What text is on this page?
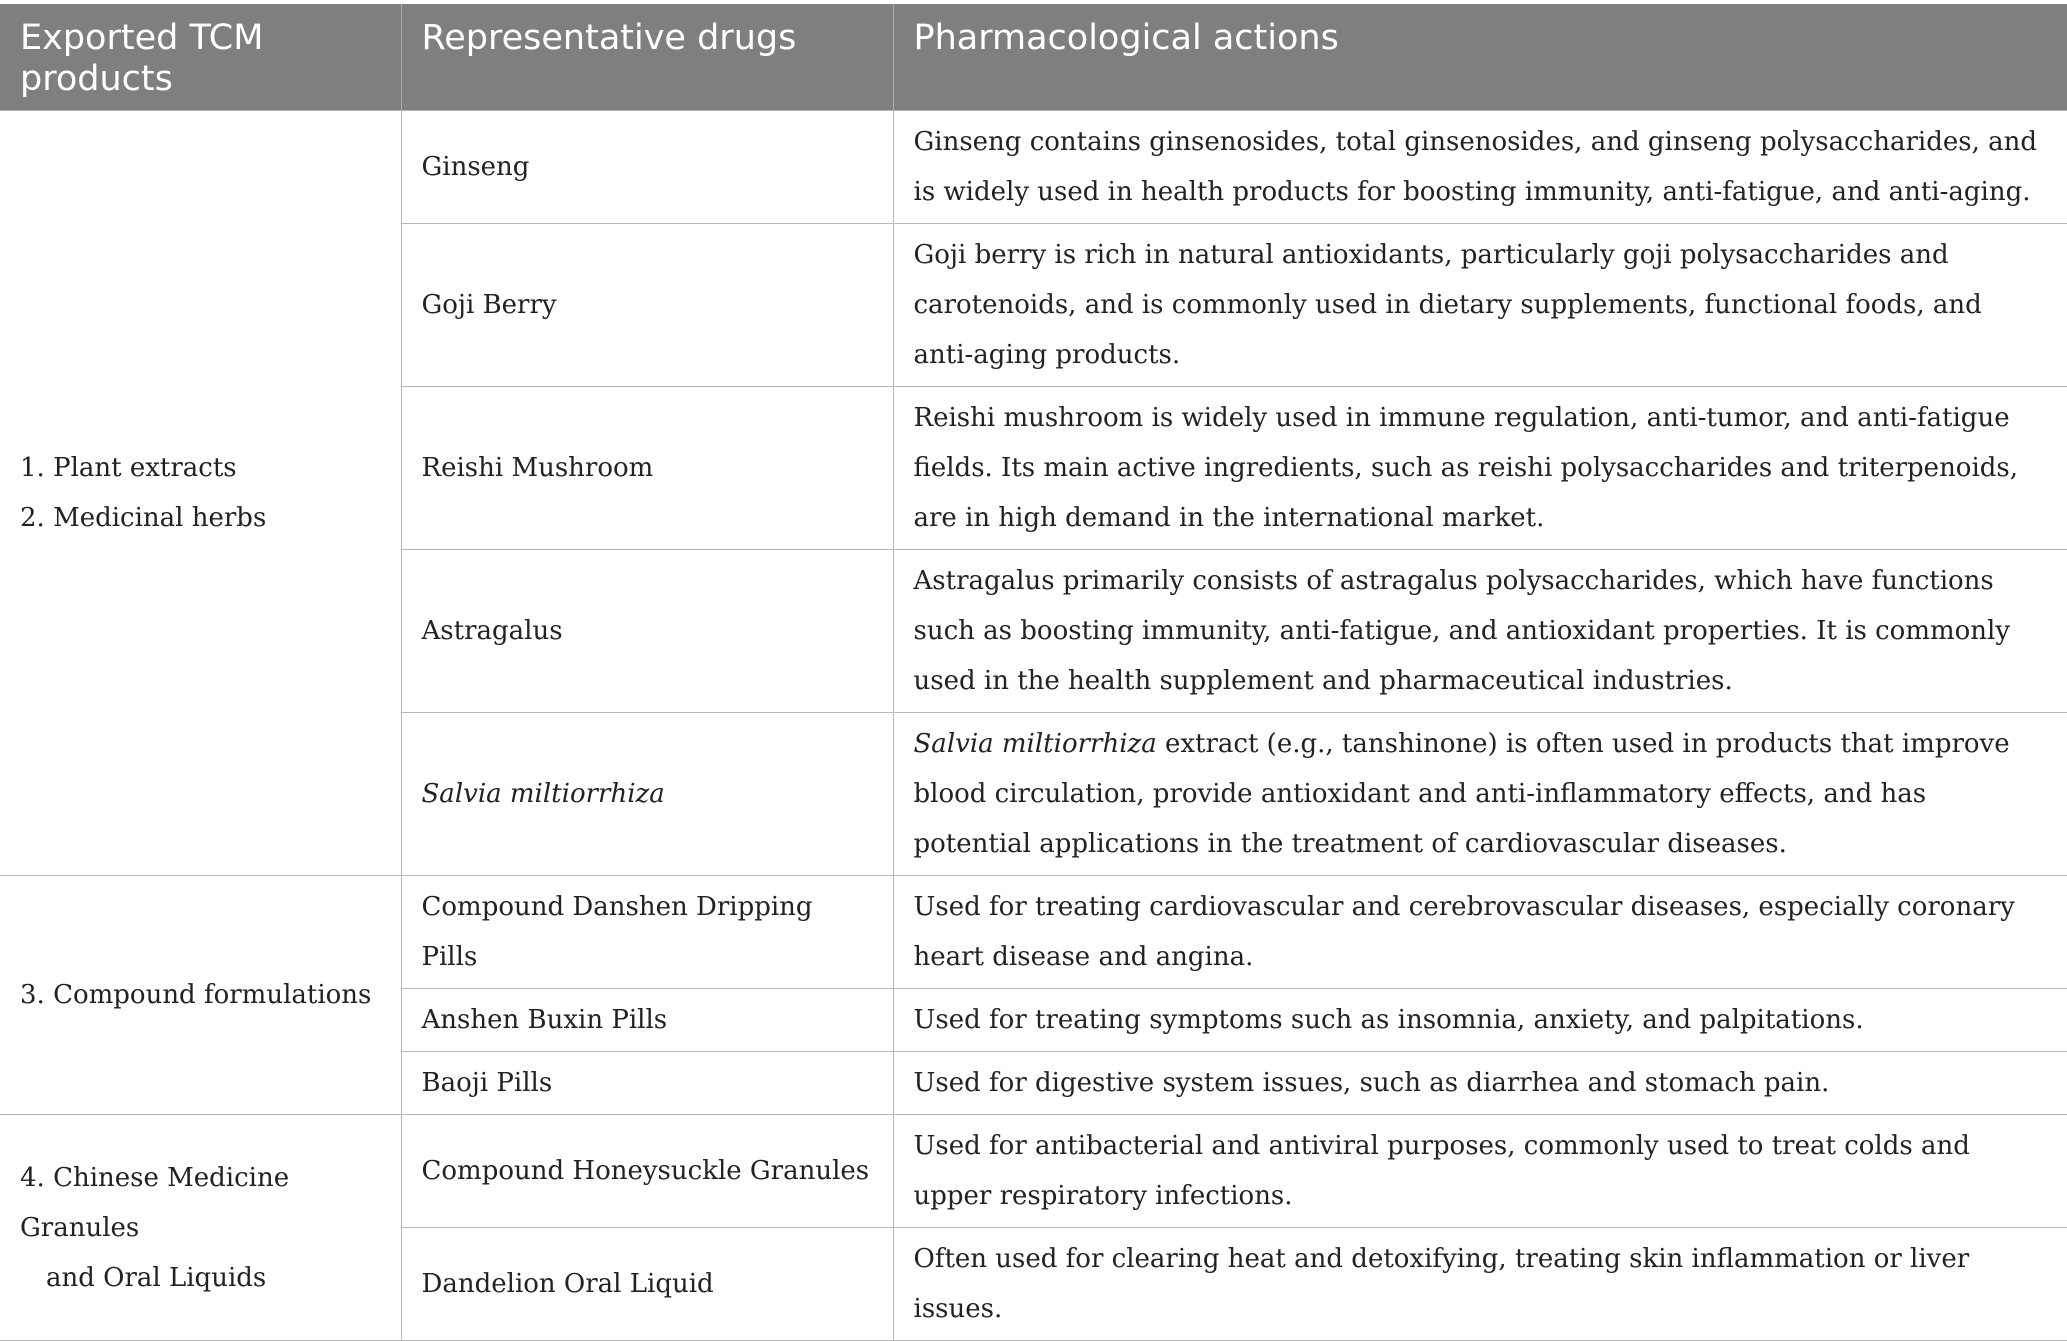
Exported TCM products	Representative drugs	Pharmacological actions

1. Plant extracts
2. Medicinal herbs	Ginseng	Ginseng contains ginsenosides, total ginsenosides, and ginseng polysaccharides, and is widely used in health products for boosting immunity, anti-fatigue, and anti-aging.
	Goji Berry	Goji berry is rich in natural antioxidants, particularly goji polysaccharides and carotenoids, and is commonly used in dietary supplements, functional foods, and anti-aging products.
	Reishi Mushroom	Reishi mushroom is widely used in immune regulation, anti-tumor, and anti-fatigue fields. Its main active ingredients, such as reishi polysaccharides and triterpenoids, are in high demand in the international market.
	Astragalus	Astragalus primarily consists of astragalus polysaccharides, which have functions such as boosting immunity, anti-fatigue, and antioxidant properties. It is commonly used in the health supplement and pharmaceutical industries.
	Salvia miltiorrhiza	Salvia miltiorrhiza extract (e.g., tanshinone) is often used in products that improve blood circulation, provide antioxidant and anti-inflammatory effects, and has potential applications in the treatment of cardiovascular diseases.

3. Compound formulations	Compound Danshen Dripping Pills	Used for treating cardiovascular and cerebrovascular diseases, especially coronary heart disease and angina.
	Anshen Buxin Pills	Used for treating symptoms such as insomnia, anxiety, and palpitations.
	Baoji Pills	Used for digestive system issues, such as diarrhea and stomach pain.

4. Chinese Medicine Granules
and Oral Liquids	Compound Honeysuckle Granules	Used for antibacterial and antiviral purposes, commonly used to treat colds and upper respiratory infections.
	Dandelion Oral Liquid	Often used for clearing heat and detoxifying, treating skin inflammation or liver issues.
